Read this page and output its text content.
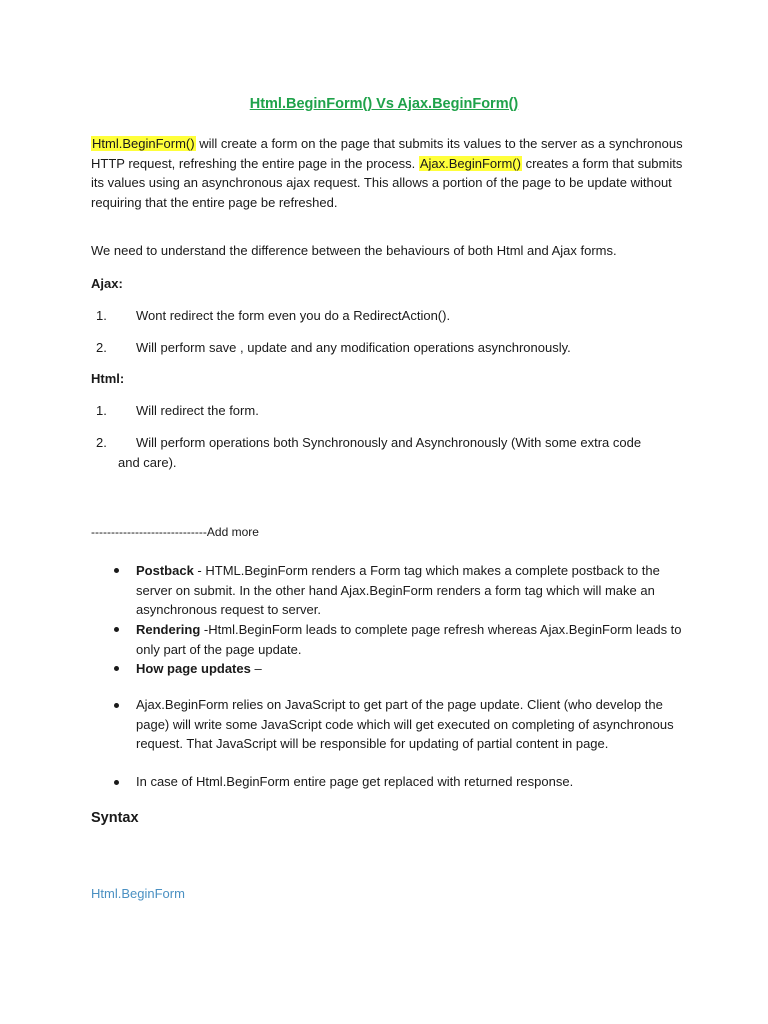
Html.BeginForm() Vs Ajax.BeginForm()
Html.BeginForm() will create a form on the page that submits its values to the server as a synchronous HTTP request, refreshing the entire page in the process. Ajax.BeginForm() creates a form that submits its values using an asynchronous ajax request. This allows a portion of the page to be update without requiring that the entire page be refreshed.
We need to understand the difference between the behaviours of both Html and Ajax forms.
Ajax:
1. Wont redirect the form even you do a RedirectAction().
2. Will perform save , update and any modification operations asynchronously.
Html:
1. Will redirect the form.
2. Will perform operations both Synchronously and Asynchronously (With some extra code
and care).
-----------------------------Add more
Postback - HTML.BeginForm renders a Form tag which makes a complete postback to the server on submit. In the other hand Ajax.BeginForm renders a form tag which will make an asynchronous request to server.
Rendering -Html.BeginForm leads to complete page refresh whereas Ajax.BeginForm leads to only part of the page update.
How page updates –
Ajax.BeginForm relies on JavaScript to get part of the page update. Client (who develop the page) will write some JavaScript code which will get executed on completing of asynchronous request. That JavaScript will be responsible for updating of partial content in page.
In case of Html.BeginForm entire page get replaced with returned response.
Syntax
Html.BeginForm
